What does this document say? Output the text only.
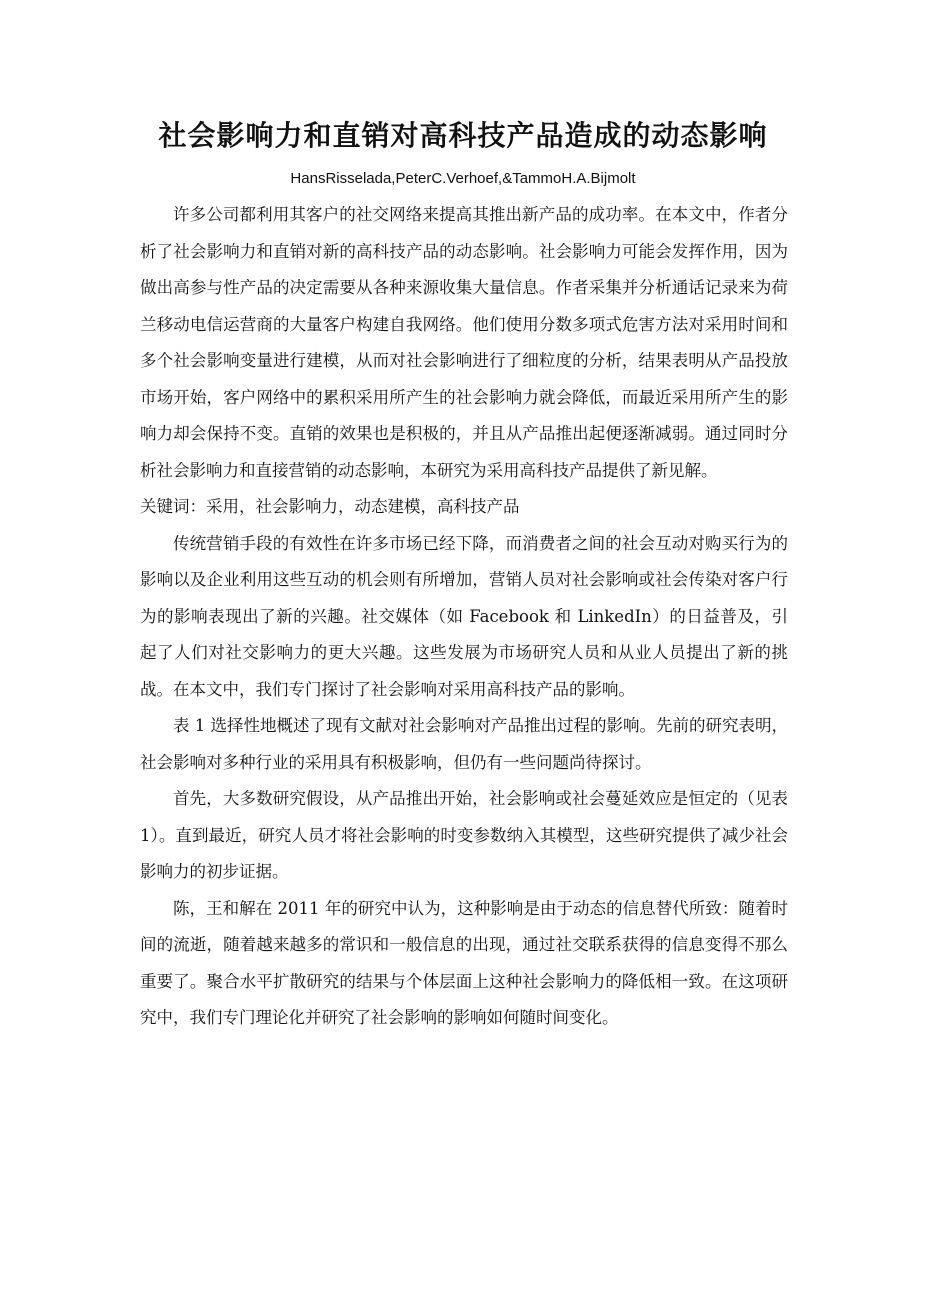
社会影响力和直销对高科技产品造成的动态影响
HansRisselada,PeterC.Verhoef,&TammoH.A.Bijmolt

许多公司都利用其客户的社交网络来提高其推出新产品的成功率。在本文中，作者分析了社会影响力和直销对新的高科技产品的动态影响。社会影响力可能会发挥作用，因为做出高参与性产品的决定需要从各种来源收集大量信息。作者采集并分析通话记录来为荷兰移动电信运营商的大量客户构建自我网络。他们使用分数多项式危害方法对采用时间和多个社会影响变量进行建模，从而对社会影响进行了细粒度的分析，结果表明从产品投放市场开始，客户网络中的累积采用所产生的社会影响力就会降低，而最近采用所产生的影响力却会保持不变。直销的效果也是积极的，并且从产品推出起便逐渐减弱。通过同时分析社会影响力和直接营销的动态影响，本研究为采用高科技产品提供了新见解。

关键词：采用，社会影响力，动态建模，高科技产品

传统营销手段的有效性在许多市场已经下降，而消费者之间的社会互动对购买行为的影响以及企业利用这些互动的机会则有所增加，营销人员对社会影响或社会传染对客户行为的影响表现出了新的兴趣。社交媒体（如 Facebook 和 LinkedIn）的日益普及，引起了人们对社交影响力的更大兴趣。这些发展为市场研究人员和从业人员提出了新的挑战。在本文中，我们专门探讨了社会影响对采用高科技产品的影响。

表 1 选择性地概述了现有文献对社会影响对产品推出过程的影响。先前的研究表明，社会影响对多种行业的采用具有积极影响，但仍有一些问题尚待探讨。

首先，大多数研究假设，从产品推出开始，社会影响或社会蔓延效应是恒定的（见表 1）。直到最近，研究人员才将社会影响的时变参数纳入其模型，这些研究提供了减少社会影响力的初步证据。

陈，王和解在 2011 年的研究中认为，这种影响是由于动态的信息替代所致：随着时间的流逝，随着越来越多的常识和一般信息的出现，通过社交联系获得的信息变得不那么重要了。聚合水平扩散研究的结果与个体层面上这种社会影响力的降低相一致。在这项研究中，我们专门理论化并研究了社会影响的影响如何随时间变化。
